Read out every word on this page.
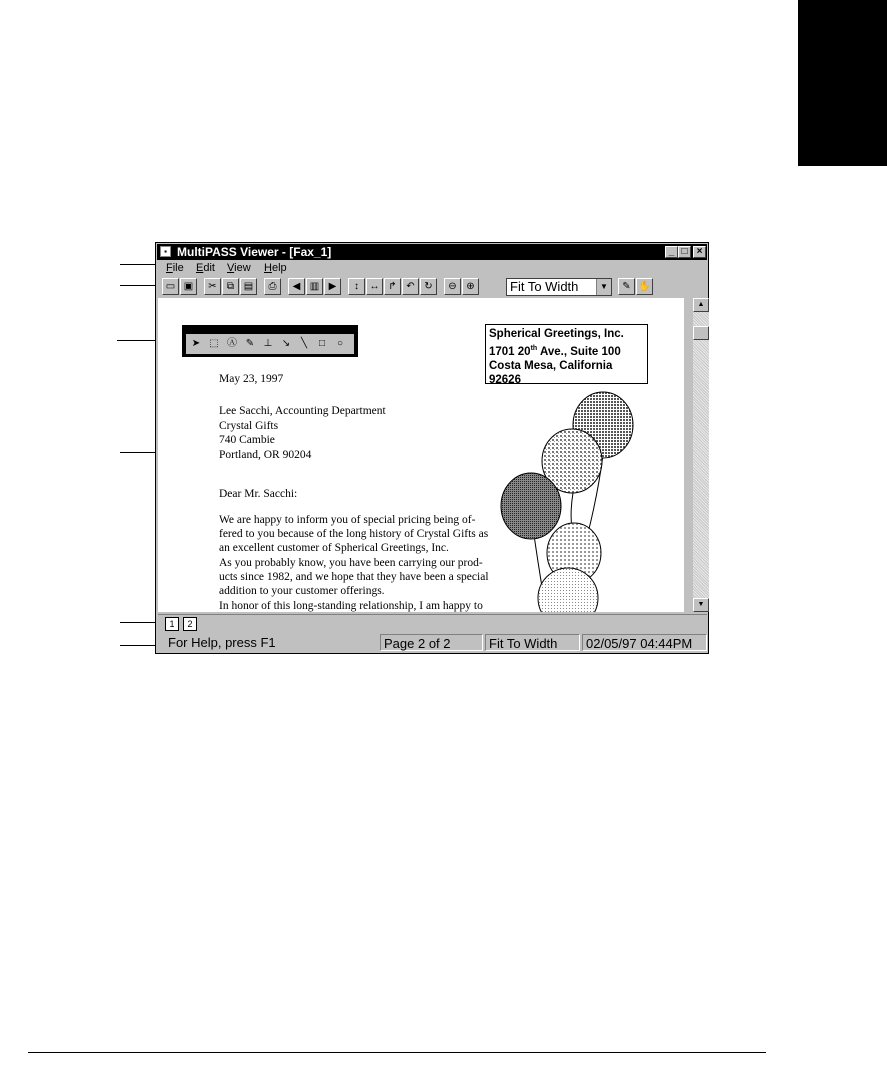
▪ MultiPASS Viewer - [Fax_1]	_ □ ×
File Edit View Help
▭ ▣	✂	⧉ ▤	⎙	◀ ▥ ▶	↕	↔ ↱ ↶ ↻	⊖ ⊕	Fit To Width	▼	✎ ✋
➤ ⬚ Ⓐ ✎ ⊥ ↘	╲	□	○
Spherical Greetings, Inc.
1701 20th Ave., Suite 100
Costa Mesa, California
92626
May 23, 1997

Lee Sacchi, Accounting Department

Crystal Gifts

740 Cambie

Portland, OR 90204

Dear Mr. Sacchi:

We are happy to inform you of special pricing being of-

fered to you because of the long history of Crystal Gifts as

an excellent customer of Spherical Greetings, Inc.

As you probably know, you have been carrying our prod-

ucts since 1982, and we hope that they have been a special

addition to your customer offerings.

In honor of this long-standing relationship, I am happy to
▲
▼
1	2
For Help, press F1	Page 2 of 2	Fit To Width	02/05/97 04:44PM
